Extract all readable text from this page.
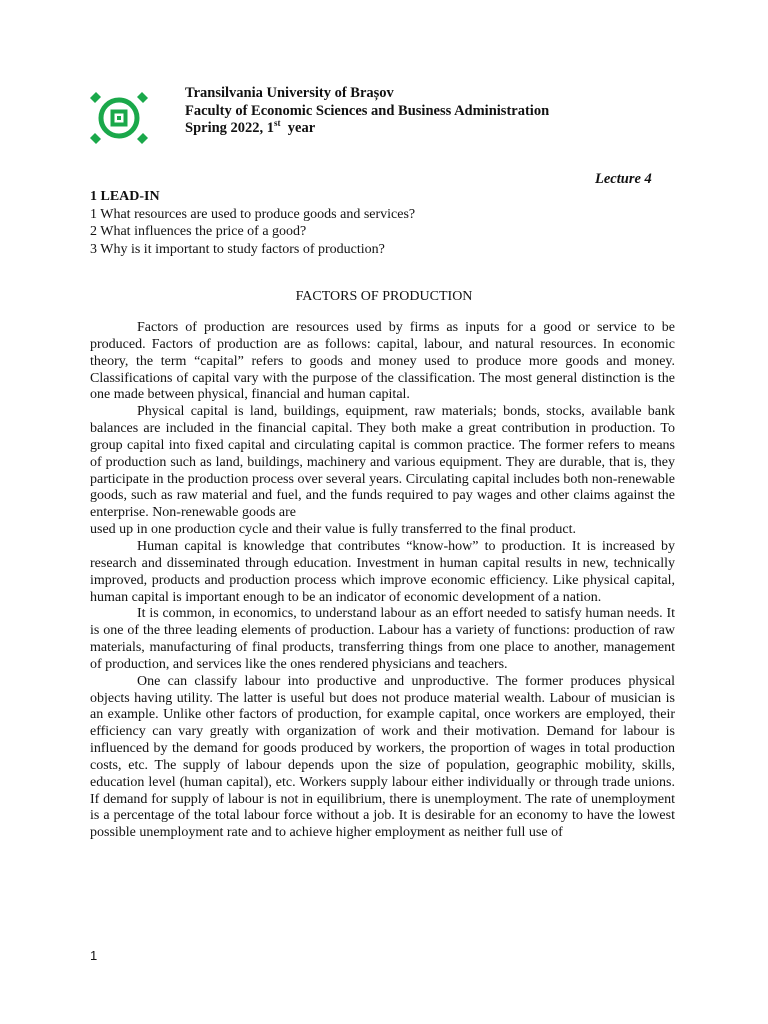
Transilvania University of Brașov
Faculty of Economic Sciences and Business Administration
Spring 2022, 1st  year
Lecture 4
1 LEAD-IN
1 What resources are used to produce goods and services?
2 What influences the price of a good?
3 Why is it important to study factors of production?
FACTORS OF PRODUCTION

Factors of production are resources used by firms as inputs for a good or service to be produced. Factors of production are as follows: capital, labour, and natural resources. In economic theory, the term “capital” refers to goods and money used to produce more goods and money. Classifications of capital vary with the purpose of the classification. The most general distinction is the one made between physical, financial and human capital.

Physical capital is land, buildings, equipment, raw materials; bonds, stocks, available bank balances are included in the financial capital. They both make a great contribution in production. To group capital into fixed capital and circulating capital is common practice. The former refers to means of production such as land, buildings, machinery and various equipment. They are durable, that is, they participate in the production process over several years. Circulating capital includes both non-renewable goods, such as raw material and fuel, and the funds required to pay wages and other claims against the enterprise. Non-renewable goods are

used up in one production cycle and their value is fully transferred to the final product.

Human capital is knowledge that contributes “know-how” to production. It is increased by research and disseminated through education. Investment in human capital results in new, technically improved, products and production process which improve economic efficiency. Like physical capital, human capital is important enough to be an indicator of economic development of a nation.

It is common, in economics, to understand labour as an effort needed to satisfy human needs. It is one of the three leading elements of production. Labour has a variety of functions: production of raw materials, manufacturing of final products, transferring things from one place to another, management of production, and services like the ones rendered physicians and teachers.

One can classify labour into productive and unproductive. The former produces physical objects having utility. The latter is useful but does not produce material wealth. Labour of musician is an example. Unlike other factors of production, for example capital, once workers are employed, their efficiency can vary greatly with organization of work and their motivation. Demand for labour is influenced by the demand for goods produced by workers, the proportion of wages in total production costs, etc. The supply of labour depends upon the size of population, geographic mobility, skills, education level (human capital), etc. Workers supply labour either individually or through trade unions. If demand for supply of labour is not in equilibrium, there is unemployment. The rate of unemployment is a percentage of the total labour force without a job. It is desirable for an economy to have the lowest possible unemployment rate and to achieve higher employment as neither full use of

1
